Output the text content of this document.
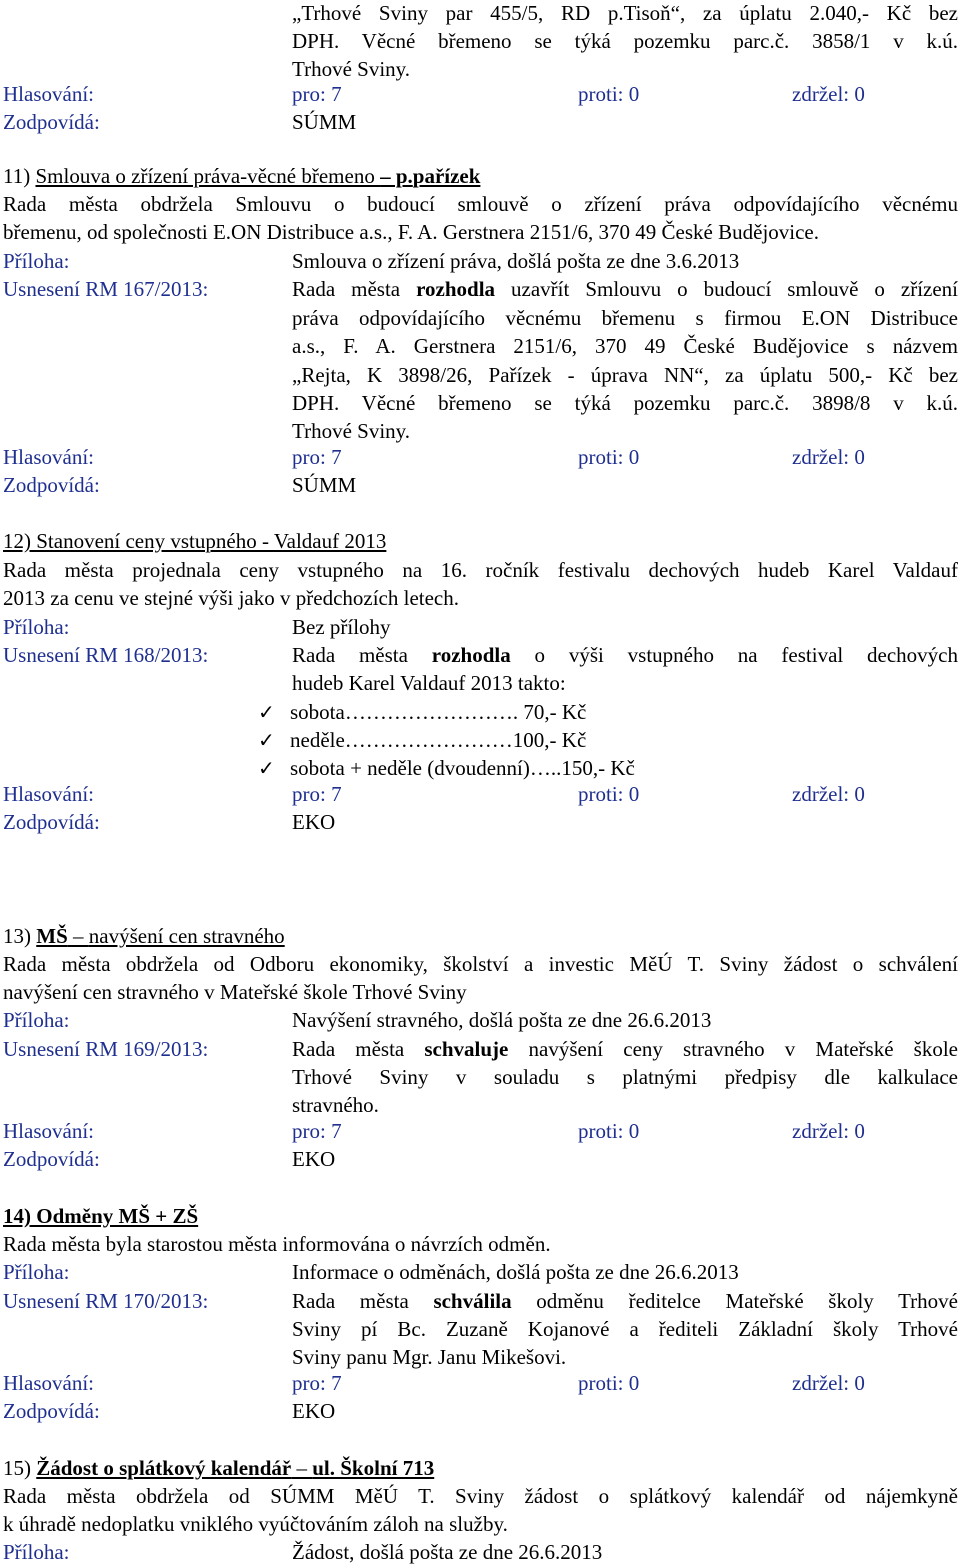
„Trhové Sviny par 455/5, RD p.Tisoň“, za úplatu 2.040,- Kč bez
DPH. Věcné břemeno se týká pozemku parc.č. 3858/1 v k.ú.
Trhové Sviny.
Hlasování:	pro: 7	proti: 0	zdržel: 0
Zodpovídá:	SÚMM
11) Smlouva o zřízení práva-věcné břemeno – p.pařízek
Rada města obdržela Smlouvu o budoucí smlouvě o zřízení práva odpovídajícího věcnému
břemenu, od společnosti E.ON Distribuce a.s., F. A. Gerstnera 2151/6, 370 49 České Budějovice.
Příloha:	Smlouva o zřízení práva, došlá pošta ze dne 3.6.2013
Usnesení RM 167/2013:	Rada města rozhodla uzavřít Smlouvu o budoucí smlouvě o zřízení
práva odpovídajícího věcnému břemenu s firmou E.ON Distribuce
a.s., F. A. Gerstnera 2151/6, 370 49 České Budějovice s názvem
„Rejta, K 3898/26, Pařízek - úprava NN“, za úplatu 500,- Kč bez
DPH. Věcné břemeno se týká pozemku parc.č. 3898/8 v k.ú.
Trhové Sviny.
Hlasování:	pro: 7	proti: 0	zdržel: 0
Zodpovídá:	SÚMM
12) Stanovení ceny vstupného - Valdauf 2013
Rada města projednala ceny vstupného na 16. ročník festivalu dechových hudeb Karel Valdauf
2013 za cenu ve stejné výši jako v předchozích letech.
Příloha:	Bez přílohy
Usnesení RM 168/2013:	Rada města rozhodla o výši vstupného na festival dechových
hudeb Karel Valdauf 2013 takto:
✓ sobota……………………. 70,- Kč
✓ neděle……………………100,- Kč
✓ sobota + neděle (dvoudenní)…..150,- Kč
Hlasování:	pro: 7	proti: 0	zdržel: 0
Zodpovídá:	EKO
13) MŠ – navýšení cen stravného
Rada města obdržela od Odboru ekonomiky, školství a investic MěÚ T. Sviny žádost o schválení
navýšení cen stravného v Mateřské škole Trhové Sviny
Příloha:	Navýšení stravného, došlá pošta ze dne 26.6.2013
Usnesení RM 169/2013:	Rada města schvaluje navýšení ceny stravného v Mateřské škole
Trhové Sviny v souladu s platnými předpisy dle kalkulace
stravného.
Hlasování:	pro: 7	proti: 0	zdržel: 0
Zodpovídá:	EKO
14) Odměny MŠ + ZŠ
Rada města byla starostou města informována o návrzích odměn.
Příloha:	Informace o odměnách, došlá pošta ze dne 26.6.2013
Usnesení RM 170/2013:	Rada města schválila odměnu ředitelce Mateřské školy Trhové
Sviny pí Bc. Zuzaně Kojanové a řediteli Základní školy Trhové
Sviny panu Mgr. Janu Mikešovi.
Hlasování:	pro: 7	proti: 0	zdržel: 0
Zodpovídá:	EKO
15) Žádost o splátkový kalendář – ul. Školní 713
Rada města obdržela od SÚMM MěÚ T. Sviny žádost o splátkový kalendář od nájemkyně
k úhradě nedoplatku vniklého vyúčtováním záloh na služby.
Příloha:	Žádost, došlá pošta ze dne 26.6.2013
